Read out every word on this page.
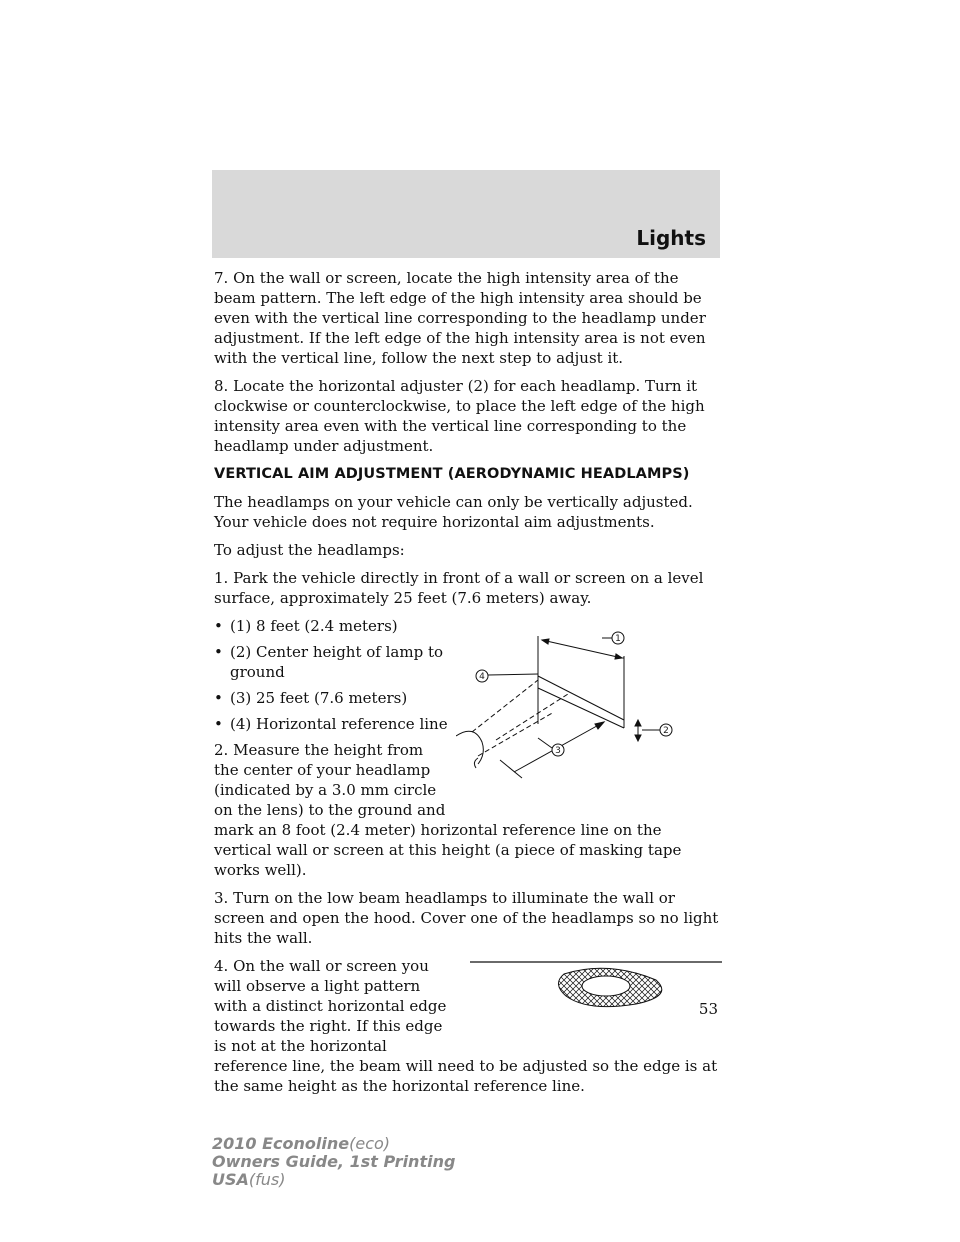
Lights

7. On the wall or screen, locate the high intensity area of the beam pattern. The left edge of the high intensity area should be even with the vertical line corresponding to the headlamp under adjustment. If the left edge of the high intensity area is not even with the vertical line, follow the next step to adjust it.

8. Locate the horizontal adjuster (2) for each headlamp. Turn it clockwise or counterclockwise, to place the left edge of the high intensity area even with the vertical line corresponding to the headlamp under adjustment.

VERTICAL AIM ADJUSTMENT (AERODYNAMIC HEADLAMPS)

The headlamps on your vehicle can only be vertically adjusted. Your vehicle does not require horizontal aim adjustments.

To adjust the headlamps:

1. Park the vehicle directly in front of a wall or screen on a level surface, approximately 25 feet (7.6 meters) away.

1
4
2
3
• (1) 8 feet (2.4 meters)
• (2) Center height of lamp to ground
• (3) 25 feet (7.6 meters)
• (4) Horizontal reference line

2. Measure the height from the center of your headlamp (indicated by a 3.0 mm circle on the lens) to the ground and mark an 8 foot (2.4 meter) horizontal reference line on the vertical wall or screen at this height (a piece of masking tape works well).

3. Turn on the low beam headlamps to illuminate the wall or screen and open the hood. Cover one of the headlamps so no light hits the wall.

4. On the wall or screen you will observe a light pattern with a distinct horizontal edge towards the right. If this edge is not at the horizontal reference line, the beam will need to be adjusted so the edge is at the same height as the horizontal reference line.

53
2010 Econoline(eco)
Owners Guide, 1st Printing
USA(fus)
